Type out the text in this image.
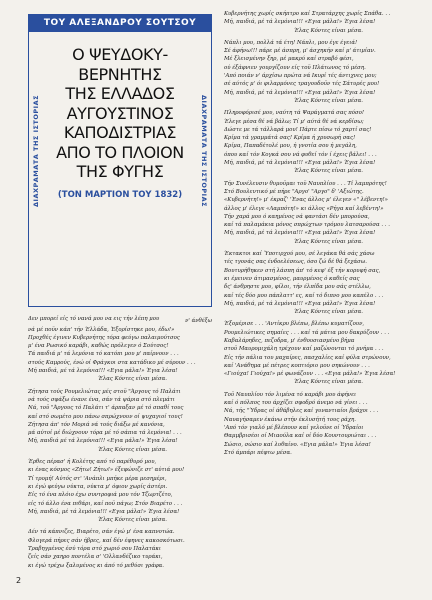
ΤΟΥ ΑΛΕΞΑΝΔΡΟΥ ΣΟΥΤΣΟΥ
ΔΙΑΧΡΑΜΑΤΑ ΤΗΣ ΙΣΤΟΡΙΑΣ	ΔΙΑΧΡΑΜΑΤΑ ΤΗΣ ΙΣΤΟΡΙΑΣ
Ο ΨΕΥΔΟΚΥ-
ΒΕΡΝΗΤΗΣ
ΤΗΣ ΕΛΛΑΔΟΣ
ΑΥΓΟΥΣΤΙΝΟΣ
ΚΑΠΟΔΙΣΤΡΙΑΣ
ΑΠΟ ΤΟ ΠΛΟΙΟΝ
ΤΗΣ ΦΥΓΗΣ
(ΤΟΝ ΜΑΡΤΙΟΝ ΤΟΥ 1832)
Δεν μπορεί είς τό νανά μου να εις τήν λέπη μου	ν' άνθέξω
νά μέ ποϋν κάπ' τήν Έλλάδα, Έξορίστηκε μου, έδω!»
Προχθές έγινεν Κυβερνήτης τόρα φεύγω παλαιμούτσος
μ' ένα Ρωσικό καράβι, καθώς πρόλεγεν ό Σούτσος!
Τά παιδιά μ' τά λεμόνια τό κατόπι μου μ' παίρνουν . . .
στούς Καμρούς, ένώ οί Φράγκοι στα κατάδικο μέ σύρουν . . .
Μή παιδιά, μέ τά λεμόνια!!! «Εγια μάλα!» Έγια λέσα!
Έλας Κόντες είναι μέσα.
Ζήτησα τούς Ρουμελιώτας μές στοϋ "Άργους τό Παλάτι
νά τούς σφάξω ένανε ένα, σάν τά ψάρια στό πλεμάτι
Νά, τοϋ "Άργους τό Παλάτι τ' άρπαξαν μέ τό σπαθί τους
καί στό σωμέτο μου πάνω σπρώχνουν οί ψυχαγιοί τους!
Ζήτησα άπ' τόν Μοριά νά τούς διάξω μέ κανόνια,
μά αύτοί μέ διώχνουν τόρα μέ τό σάπια τά λεμόνια! . . .
Μή, παιδιά μέ τά λεμόνια!!! «Εγια μάλα!» Έγια λέσα!
Έλας Κόντες είναι μέσα.
Έρθες πέρασ' ή Κολέτης από τό παρέθυρό μου,
κι ένας κόσμος «Ζήτω! Ζήτω!» έξεφώνιζε στ' αύτιά μου!
Τί τρομή! Αύτός στ' 'Ανάπλι μπήκε μέρα μεσημέρι,
κι έγώ φεύγω νύκτα, νύκτα μ' όφιον χωρίς άστέρι.
Είς τό ένα πλόιο έχω συντροφιά μου τόν Τζωρτζέτο,
είς τό άλλο ένα πιθάρι, καί ποϋ πάγω; Στόν Βιαρέτο . . .
Μή, παιδιά, μέ τά λεμόνια!!! «Εγια μάλα!» Έγια λέσα!
Έλας Κόντες είναι μέσα.
Δέν τά κάπνιζες, Βιαρέτο, σάν έγώ μ' ένα καπνοτώα.
Φλογερά πήρες σάν ήβρες, καί δέν έφηνες κακοσκότωσι.
Τραβηγμένος έσύ τόρα στό χωριό σου Παλατάκι
ζείς σάν χαηρο ποντέλα σ' 'Ολλανδέζικο τυράκι,
κι έγώ τρέχω ξαλυμένος κι άπό τό μεθύσι γράφα.
Κυβερνήτης χωρίς σκήπτρο καί Στρατάρχης χωρίς Σπάθα. . .
Μή, παιδιά, μέ τά λεμόνια!!! «Εγια μάλα!» Έγια λέσα!
Έλας Κόντες είναι μέσα.
Νάπλι μου, πολλά τά έτη! Νάπλι, μου έγε έγειά!
Σέ άφήνω!!! πάρε μέ άσπρη, μ' άσχηκήν καί μ' άτιμίαν.
Μέ ξλεισμένην ξηρ, μέ μακρύ καί στραβό φέσι,
ού έξάφνιεν γουργίζουν είς τοϋ Πλάτωνος τό μέση.
'Από ποιάν ν' άρχίσω πρώτα νά Ικυρί τές άντιχνες μου;
σέ αύτός μ' όι φιλαρμόνες τραγουδοϋν τές Σάτυρές μου!
Μή, παιδιά, μέ τά λεμόνια!!! «Εγια μάλα!» Έγια λέσα!
Έλας Κόντες είναι μέσα.
Πληροφόρισέ μου, ναύτη τά Ψαράγματά σας πόσο!
Έλεγε μέσα θέ νά βάλω; Τί μ' αύτά θέ νά κερδίσω;
Δώστε με τά τάλλαρά μου! Πάρτε πίσω τό χαρτί σας!
Κρίμα τά γραμμάτά σας! Κρίμα ή χρυσωρή σας!
Κρίμα, Παπαδέτολέ μου, ή γνοτία σου ή μεγάλη,
όπου καί τόν Κογκά σου νά φυθεί τόν ί έχεις βάλει! . . .
Μή, παιδιά, μέ τά λεμόνια!!! «Εγια μάλα!» Έγια λέσα!
Έλας Κόντες είναι μέσα.
Τήν Συνέλευσιν θυμοϋμαι τοϋ Ναυπλίου . . . Τί λαμπρότης!
Στό Βουλευτικό μέ πήρε "Αργο' "Αργο" δ' 'Αξιώτης.
«Κυβερνήτη!» μ' έκραζ' 'Ένας άλλος μ' έλεγεν «" λέβεντη!»
άλλος μ' έλεγε «Λαμπότη!» κι άλλος «Ρήγα καί λεβέντη!»
Τήν χαρά μου ό καημένος νά φαντάσι δέν μπορούσα,
καί τά παλαμάκια μόνος σπρώχτων τρόμου λατσαρούσα . . .
Μή, παιδιά, μέ τά λεμόνια!!! «Εγια μάλα!» Έγια λέσα!
Έλας Κόντες είναι μέσα.
Έκτακτοι καί Ύποτιρχού μου, σέ λεγάκα θά σάς χάσω
τές τγονάς σας ένδοελέσεως, όσο ζώ δέ θά ξεχάσω.
Βουτυρήθηκεν στή λάσπη άπ' τό κεφ' έξ τήν κορυφή σας,
κι έμεινεν άτιμασμένος, μαυρμένος ό καθείς σας
δς' άνθρηστε μου, φίλοι, τήν έλπίδα μου σάς στέλλω,
καί τές δύο μου πάπλαττ' ες, καί τό διπνο μου καπέλο . . .
Μή, παιδιά, μέ τά λεμόνια!!! «Εγια μάλα!» Έγια λέσα!
Έλας Κόντες είναι μέσα.
Έξομέρισε . . . 'Αντίκρυ βλέπω, βλέπω κυματίζουν,
Ρουμελιώτικες σημαίες . . . καί τά μάτια μου δακρύζουν . . .
Καβαλάρηδες, πεζοδρα, μ' ένθουσιασμένο βήμα
στοϋ Μαυρομιχάλη τρέχουν καί μαζώνονται τό μνήμα . . .
Είς τήν πάλια του μαχαίρες, πασχαλίες καί φύλα στρώνουν,
καί 'Ανάθημα μέ πέτρες κοπτιόριο μου σηκώνουν . . .
«Γιούχα! Γιούχα!» μέ φωνάζουν . . . «Εγια μάλα!» Έγια λέσα!
Έλας Κόντες είναι μέσα.
Τοϋ Ναυπλίου τόν λιμένα τό καράβι μου άφήνει
καί ό πόλπος του άρχίζει σφοδρό άνεμο νά γίνει . . .
Νά, τής "Ύδρας οί άθάβηλες καί γυναντιαίοι βράχοι . . .
Ναυαγήσαμεν έκάνω στήν έκλυσήτή τους ράχη.
'Από τόν γιαλό μέ βλέπουν καί γελοϋνε οί Ύδραίοι
Θαμμβρισέοι οί Μιαούλα καί οί δύο Κουντουριώται . . .
Σώσιο, σώσιο καί λυθαίνο. «Εγια μάλα!» Έγια λέσα!
Στό άμπάρι πέφτω μέσα.
2
